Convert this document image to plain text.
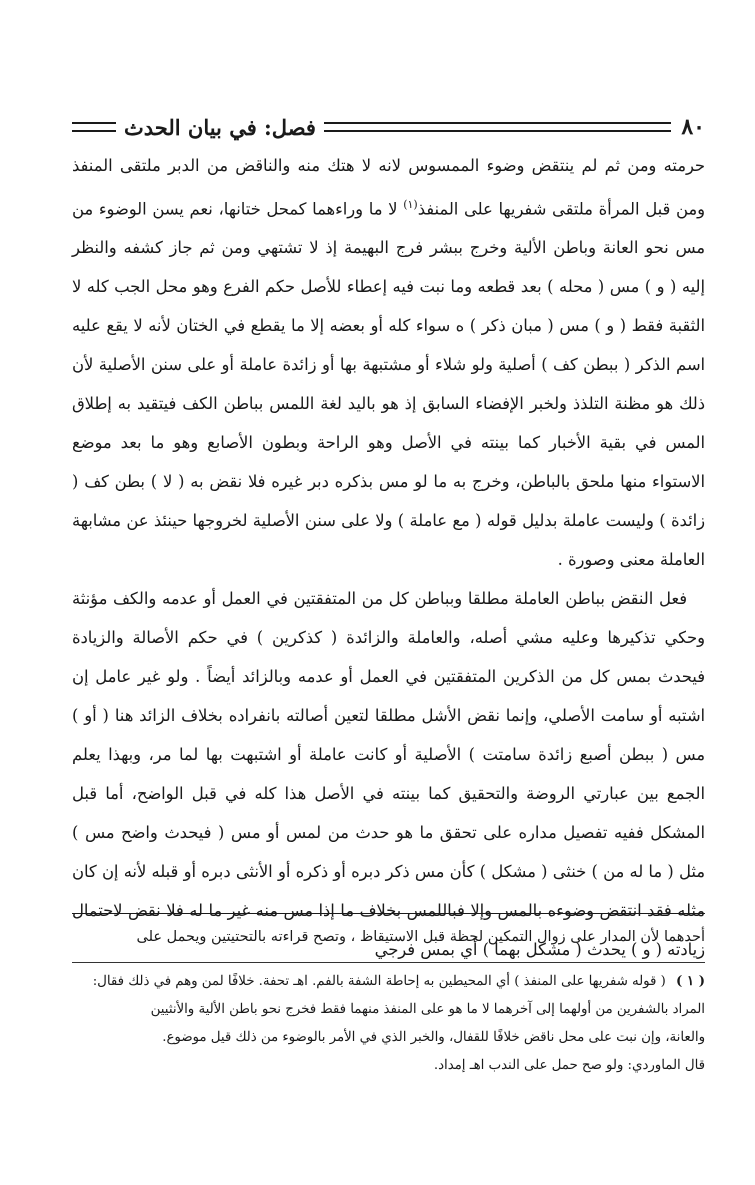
٨٠
فصل: في بيان الحدث

حرمته ومن ثم لم ينتقض وضوء الممسوس لانه لا هتك منه والناقض من الدبر ملتقى المنفذ ومن قبل المرأة ملتقى شفريها على المنفذ$^{(١)}$ لا ما وراءهما كمحل ختانها، نعم يسن الوضوء من مس نحو العانة وباطن الألية وخرج ببشر فرج البهيمة إذ لا تشتهي ومن ثم جاز كشفه والنظر إليه ( و ) مس ( محله ) بعد قطعه وما نبت فيه إعطاء للأصل حكم الفرع وهو محل الجب كله لا الثقبة فقط ( و ) مس ( مبان ذكر ) ه سواء كله أو بعضه إلا ما يقطع في الختان لأنه لا يقع عليه اسم الذكر ( ببطن كف ) أصلية ولو شلاء أو مشتبهة بها أو زائدة عاملة أو على سنن الأصلية لأن ذلك هو مظنة التلذذ ولخبر الإفضاء السابق إذ هو باليد لغة اللمس بباطن الكف فيتقيد به إطلاق المس في بقية الأخبار كما بينته في الأصل وهو الراحة وبطون الأصابع وهو ما بعد موضع الاستواء منها ملحق بالباطن، وخرج به ما لو مس بذكره دبر غيره فلا نقض به ( لا ) بطن كف ( زائدة ) وليست عاملة بدليل قوله ( مع عاملة ) ولا على سنن الأصلية لخروجها حينئذ عن مشابهة العاملة معنى وصورة .

فعل النقض بباطن العاملة مطلقا وبباطن كل من المتفقتين في العمل أو عدمه والكف مؤنثة وحكي تذكيرها وعليه مشي أصله، والعاملة والزائدة ( كذكرين ) في حكم الأصالة والزيادة فيحدث بمس كل من الذكرين المتفقتين في العمل أو عدمه وبالزائد أيضاً . ولو غير عامل إن اشتبه أو سامت الأصلي، وإنما نقض الأشل مطلقا لتعين أصالته بانفراده بخلاف الزائد هنا ( أو ) مس ( ببطن أصبع زائدة سامتت ) الأصلية أو كانت عاملة أو اشتبهت بها لما مر، وبهذا يعلم الجمع بين عبارتي الروضة والتحقيق كما بينته في الأصل هذا كله في قبل الواضح، أما قبل المشكل ففيه تفصيل مداره على تحقق ما هو حدث من لمس أو مس ( فيحدث واضح مس ) مثل ( ما له من ) خنثى ( مشكل ) كأن مس ذكر دبره أو ذكره أو الأنثى دبره أو قبله لأنه إن كان مثله فقد انتقض وضوءه بالمس وإلا فباللمس بخلاف ما إذا مس منه غير ما له فلا نقض لاحتمال زيادته ( و ) يحدث ( مشكل بهما ) أي بمس فرجي

أحدهما لأن المدار على زوال التمكين لحظة قبل الاستيقاظ ، وتصح قراءته بالتحتيتين ويحمل على

( ١ ) ( قوله شفريها على المنفذ ) أي المحيطين به إحاطة الشفة بالفم. اهـ تحفة. خلافًا لمن وهم في ذلك فقال:

المراد بالشفرين من أولهما إلى آخرهما لا ما هو على المنفذ منهما فقط فخرج نحو باطن الألية والأنثيين

والعانة، وإن نبت على محل ناقض خلافًا للقفال، والخبر الذي في الأمر بالوضوء من ذلك قيل موضوع.

قال الماوردي: ولو صح حمل على الندب اهـ إمداد.
